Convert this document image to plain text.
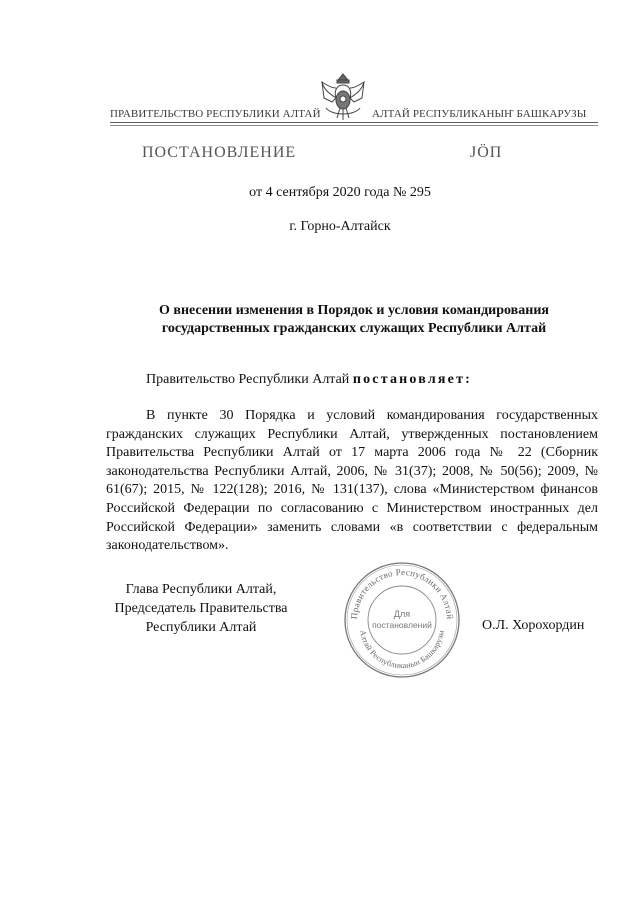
ПРАВИТЕЛЬСТВО РЕСПУБЛИКИ АЛТАЙ	АЛТАЙ РЕСПУБЛИКАНЫҤ БАШКАРУЗЫ
ПОСТАНОВЛЕНИЕ	JӦП
от 4 сентября 2020 года № 295
г. Горно-Алтайск
О внесении изменения в Порядок и условия командирования
государственных гражданских служащих Республики Алтай
Правительство Республики Алтай постановляет:
В пункте 30 Порядка и условий командирования государственных гражданских служащих Республики Алтай, утвержденных постановлением Правительства Республики Алтай от 17 марта 2006 года № 22 (Сборник законодательства Республики Алтай, 2006, № 31(37); 2008, № 50(56); 2009, № 61(67); 2015, № 122(128); 2016, № 131(137), слова «Министерством финансов Российской Федерации по согласованию с Министерством иностранных дел Российской Федерации» заменить словами «в соответствии с федеральным законодательством».
Глава Республики Алтай,
Председатель Правительства
Республики Алтай	О.Л. Хорохордин
Правительство Республики Алтай
Алтай Республиканын Башкарузы
Для
постановлений
